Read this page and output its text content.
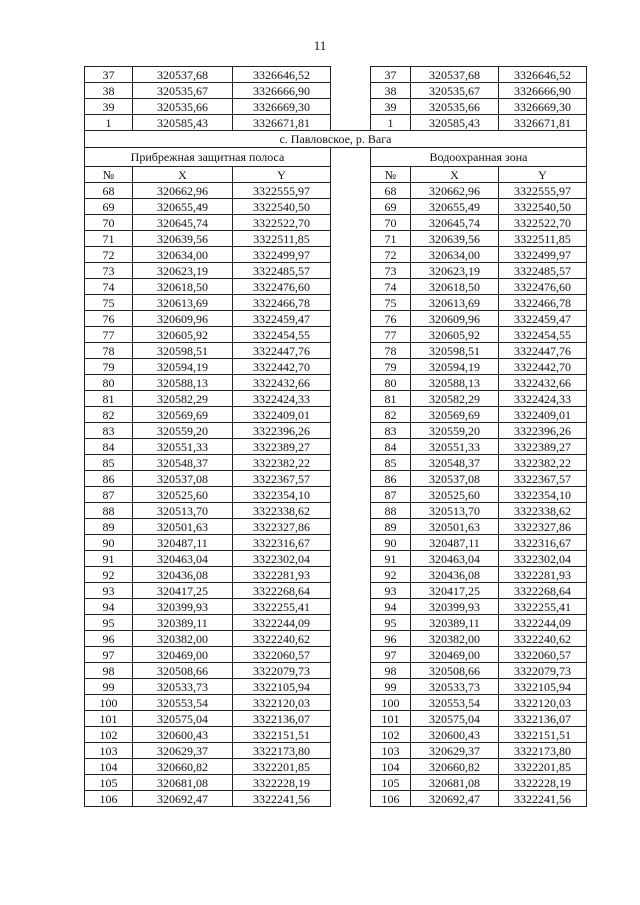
11
37	320537,68	3326646,52		37	320537,68	3326646,52
38	320535,67	3326666,90		38	320535,67	3326666,90
39	320535,66	3326669,30		39	320535,66	3326669,30
1	320585,43	3326671,81		1	320585,43	3326671,81
с. Павловское, р. Вага						
Прибрежная защитная полоса				Водоохранная зона		
№	X	Y		№	X	Y
68	320662,96	3322555,97		68	320662,96	3322555,97
69	320655,49	3322540,50		69	320655,49	3322540,50
70	320645,74	3322522,70		70	320645,74	3322522,70
71	320639,56	3322511,85		71	320639,56	3322511,85
72	320634,00	3322499,97		72	320634,00	3322499,97
73	320623,19	3322485,57		73	320623,19	3322485,57
74	320618,50	3322476,60		74	320618,50	3322476,60
75	320613,69	3322466,78		75	320613,69	3322466,78
76	320609,96	3322459,47		76	320609,96	3322459,47
77	320605,92	3322454,55		77	320605,92	3322454,55
78	320598,51	3322447,76		78	320598,51	3322447,76
79	320594,19	3322442,70		79	320594,19	3322442,70
80	320588,13	3322432,66		80	320588,13	3322432,66
81	320582,29	3322424,33		81	320582,29	3322424,33
82	320569,69	3322409,01		82	320569,69	3322409,01
83	320559,20	3322396,26		83	320559,20	3322396,26
84	320551,33	3322389,27		84	320551,33	3322389,27
85	320548,37	3322382,22		85	320548,37	3322382,22
86	320537,08	3322367,57		86	320537,08	3322367,57
87	320525,60	3322354,10		87	320525,60	3322354,10
88	320513,70	3322338,62		88	320513,70	3322338,62
89	320501,63	3322327,86		89	320501,63	3322327,86
90	320487,11	3322316,67		90	320487,11	3322316,67
91	320463,04	3322302,04		91	320463,04	3322302,04
92	320436,08	3322281,93		92	320436,08	3322281,93
93	320417,25	3322268,64		93	320417,25	3322268,64
94	320399,93	3322255,41		94	320399,93	3322255,41
95	320389,11	3322244,09		95	320389,11	3322244,09
96	320382,00	3322240,62		96	320382,00	3322240,62
97	320469,00	3322060,57		97	320469,00	3322060,57
98	320508,66	3322079,73		98	320508,66	3322079,73
99	320533,73	3322105,94		99	320533,73	3322105,94
100	320553,54	3322120,03		100	320553,54	3322120,03
101	320575,04	3322136,07		101	320575,04	3322136,07
102	320600,43	3322151,51		102	320600,43	3322151,51
103	320629,37	3322173,80		103	320629,37	3322173,80
104	320660,82	3322201,85		104	320660,82	3322201,85
105	320681,08	3322228,19		105	320681,08	3322228,19
106	320692,47	3322241,56		106	320692,47	3322241,56
